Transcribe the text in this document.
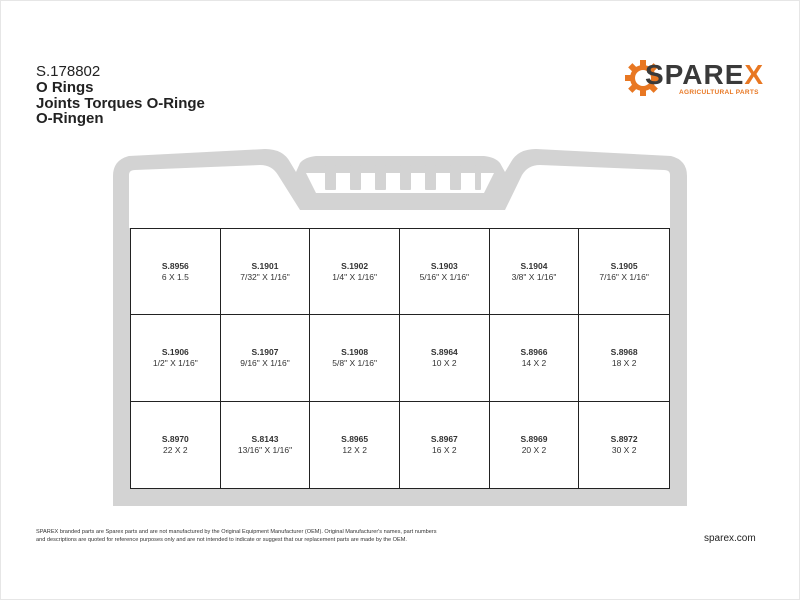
S.178802
O Rings
Joints Torques O-Ringe
O-Ringen
SPAREX
AGRICULTURAL PARTS
S.8956
6 X 1.5
S.1901
7/32" X 1/16"
S.1902
1/4" X 1/16"
S.1903
5/16" X 1/16"
S.1904
3/8" X 1/16"
S.1905
7/16" X 1/16"
S.1906
1/2" X 1/16"
S.1907
9/16" X 1/16"
S.1908
5/8" X 1/16"
S.8964
10 X 2
S.8966
14 X 2
S.8968
18 X 2
S.8970
22 X 2
S.8143
13/16" X 1/16"
S.8965
12 X 2
S.8967
16 X 2
S.8969
20 X 2
S.8972
30 X 2
SPAREX branded parts are Sparex parts and are not manufactured by the Original Equipment Manufacturer (OEM). Original Manufacturer's names, part numbers
and descriptions are quoted for reference purposes only and are not intended to indicate or suggest that our replacement parts are made by the OEM.	sparex.com
